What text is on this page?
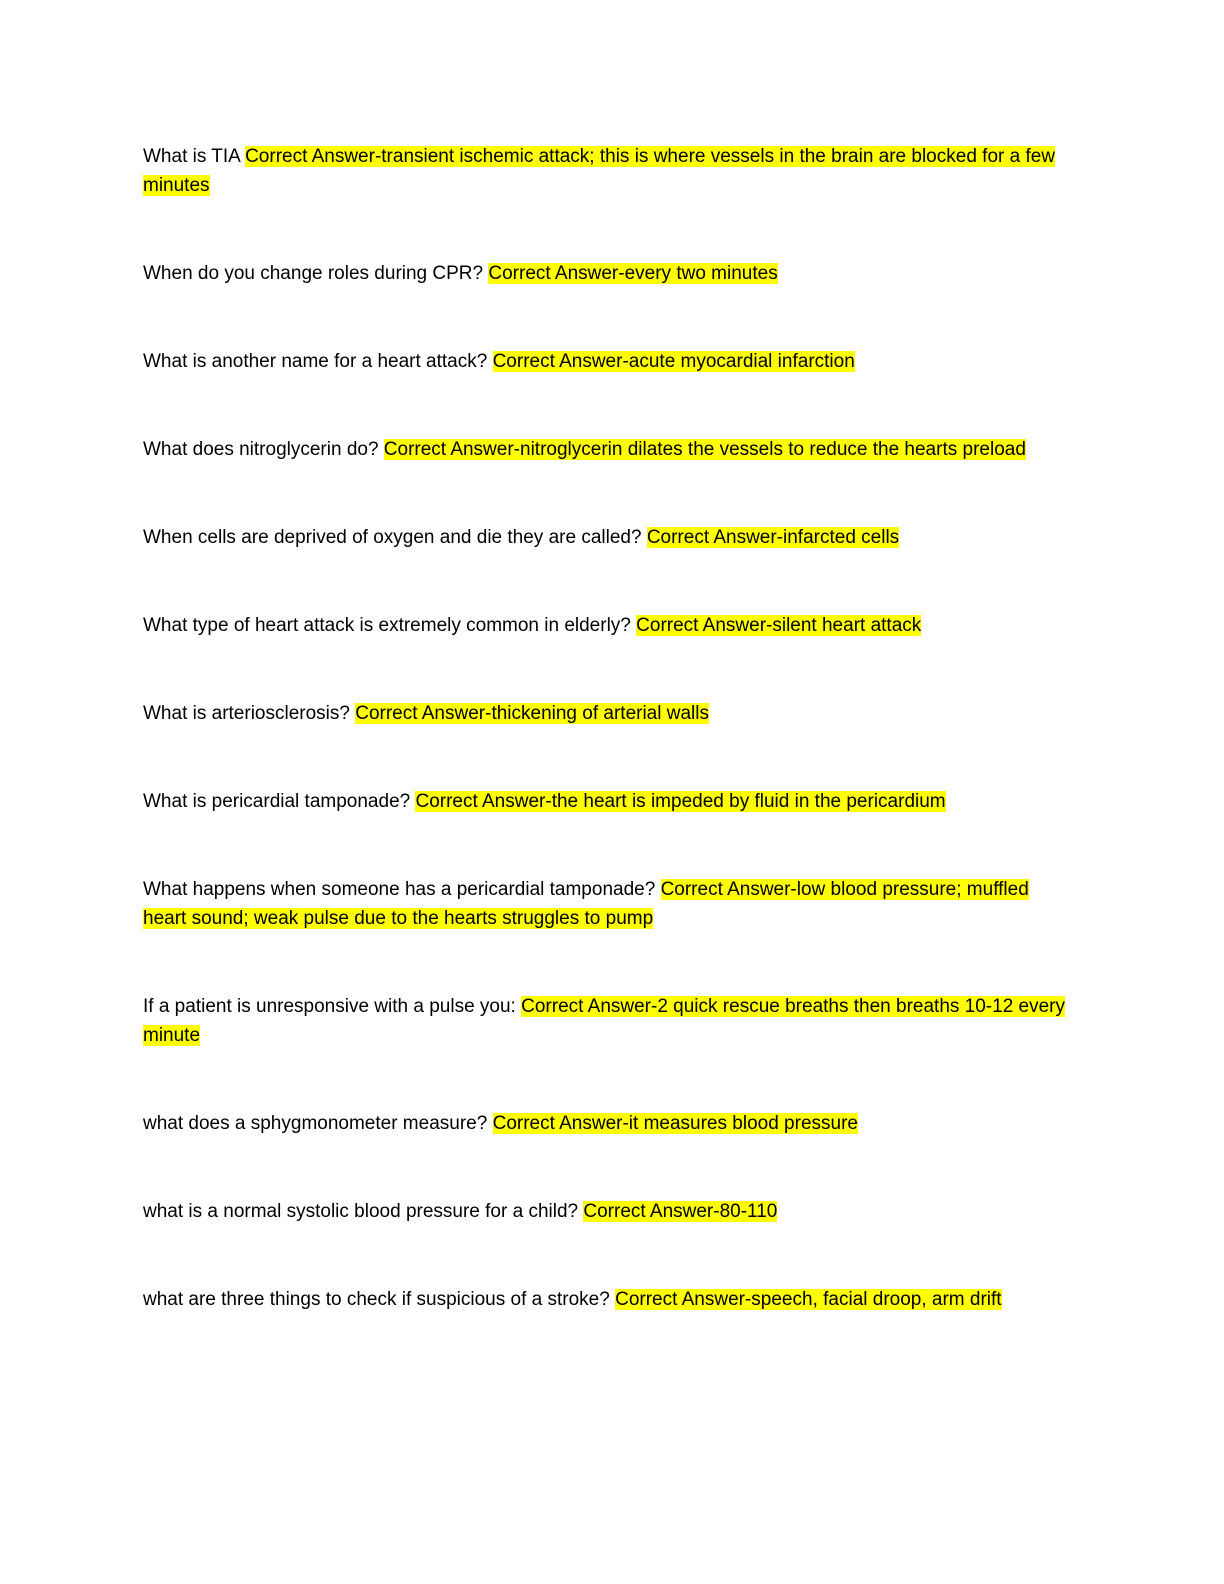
What is TIA Correct Answer-transient ischemic attack; this is where vessels in the brain are blocked for a few minutes

When do you change roles during CPR? Correct Answer-every two minutes

What is another name for a heart attack? Correct Answer-acute myocardial infarction

What does nitroglycerin do? Correct Answer-nitroglycerin dilates the vessels to reduce the hearts preload

When cells are deprived of oxygen and die they are called? Correct Answer-infarcted cells

What type of heart attack is extremely common in elderly? Correct Answer-silent heart attack

What is arteriosclerosis? Correct Answer-thickening of arterial walls

What is pericardial tamponade? Correct Answer-the heart is impeded by fluid in the pericardium

What happens when someone has a pericardial tamponade? Correct Answer-low blood pressure; muffled heart sound; weak pulse due to the hearts struggles to pump

If a patient is unresponsive with a pulse you: Correct Answer-2 quick rescue breaths then breaths 10-12 every minute

what does a sphygmonometer measure? Correct Answer-it measures blood pressure

what is a normal systolic blood pressure for a child? Correct Answer-80-110

what are three things to check if suspicious of a stroke? Correct Answer-speech, facial droop, arm drift
